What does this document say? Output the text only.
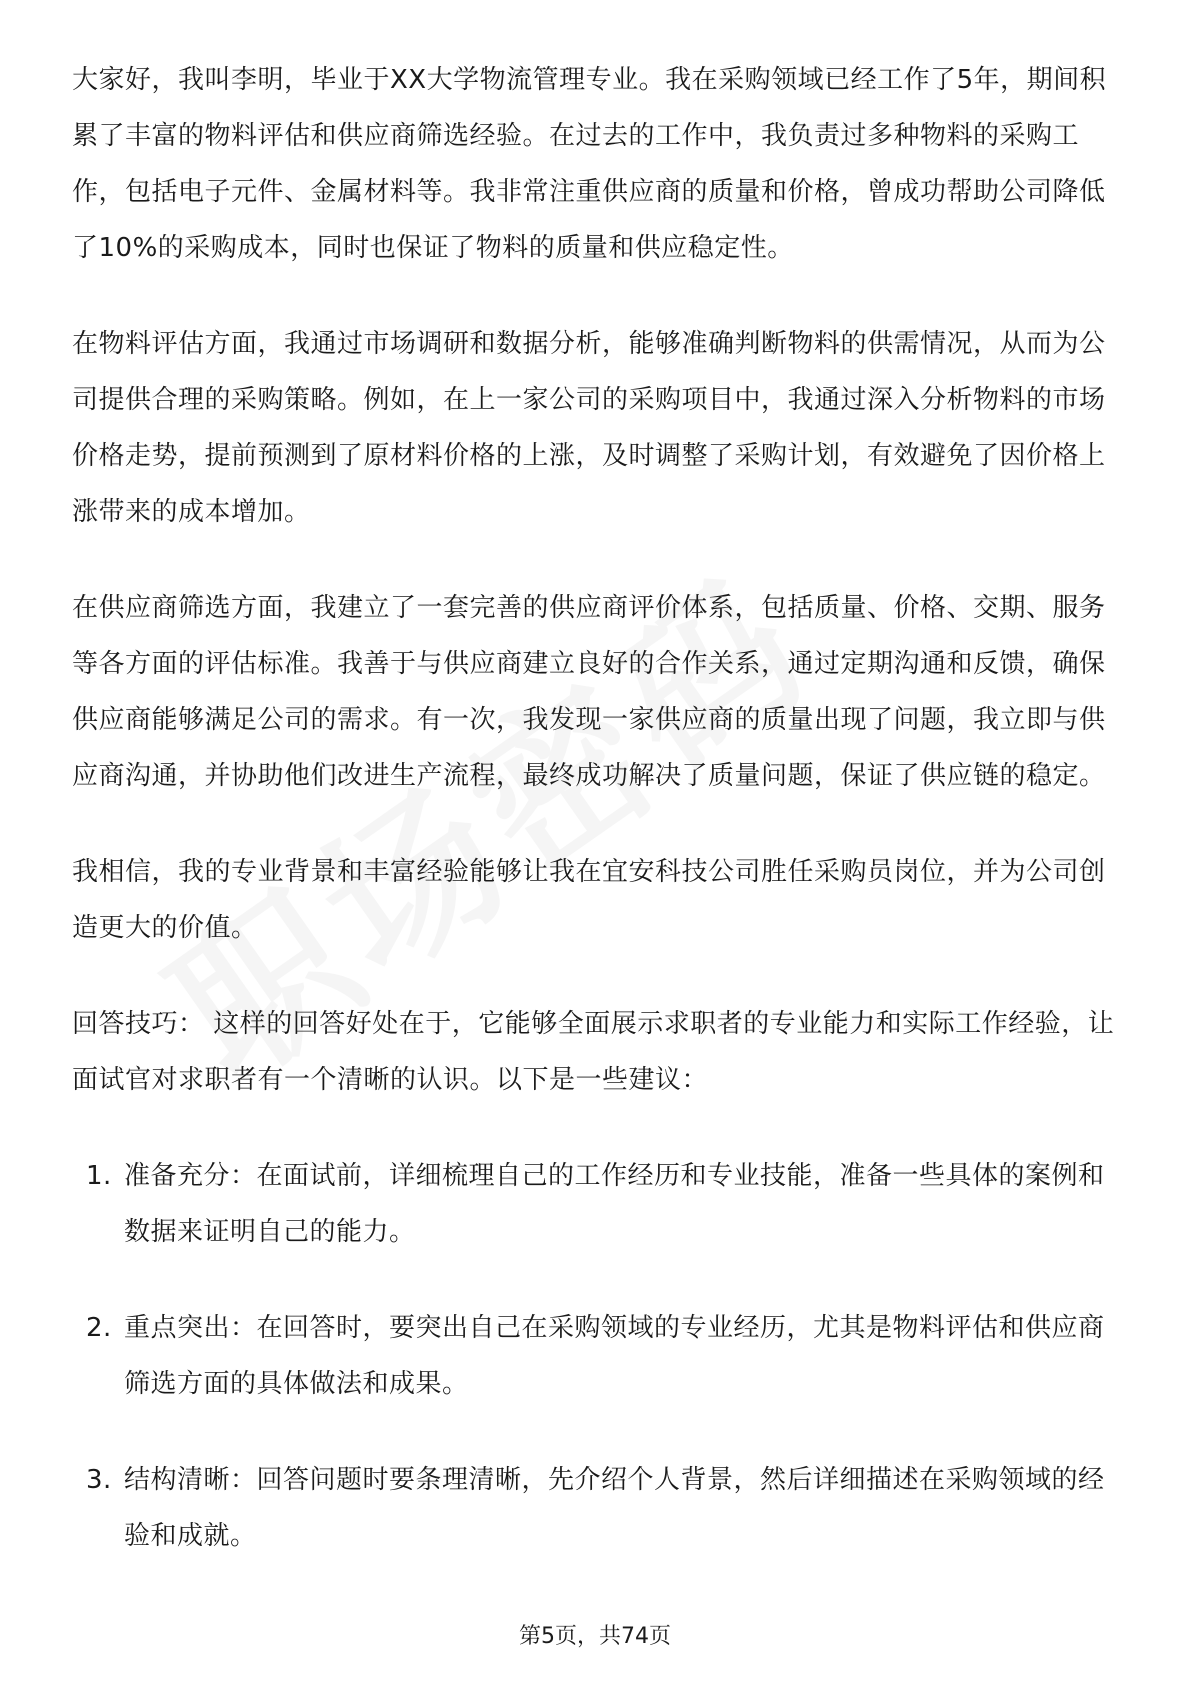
大家好，我叫李明，毕业于XX大学物流管理专业。我在采购领域已经工作了5年，期间积累了丰富的物料评估和供应商筛选经验。在过去的工作中，我负责过多种物料的采购工作，包括电子元件、金属材料等。我非常注重供应商的质量和价格，曾成功帮助公司降低了10%的采购成本，同时也保证了物料的质量和供应稳定性。

在物料评估方面，我通过市场调研和数据分析，能够准确判断物料的供需情况，从而为公司提供合理的采购策略。例如，在上一家公司的采购项目中，我通过深入分析物料的市场价格走势，提前预测到了原材料价格的上涨，及时调整了采购计划，有效避免了因价格上涨带来的成本增加。

在供应商筛选方面，我建立了一套完善的供应商评价体系，包括质量、价格、交期、服务等各方面的评估标准。我善于与供应商建立良好的合作关系，通过定期沟通和反馈，确保供应商能够满足公司的需求。有一次，我发现一家供应商的质量出现了问题，我立即与供应商沟通，并协助他们改进生产流程，最终成功解决了质量问题，保证了供应链的稳定。

我相信，我的专业背景和丰富经验能够让我在宜安科技公司胜任采购员岗位，并为公司创造更大的价值。

回答技巧： 这样的回答好处在于，它能够全面展示求职者的专业能力和实际工作经验，让面试官对求职者有一个清晰的认识。以下是一些建议：

1. 准备充分：在面试前，详细梳理自己的工作经历和专业技能，准备一些具体的案例和数据来证明自己的能力。
2. 重点突出：在回答时，要突出自己在采购领域的专业经历，尤其是物料评估和供应商筛选方面的具体做法和成果。
3. 结构清晰：回答问题时要条理清晰，先介绍个人背景，然后详细描述在采购领域的经验和成就。
第5页，共74页
